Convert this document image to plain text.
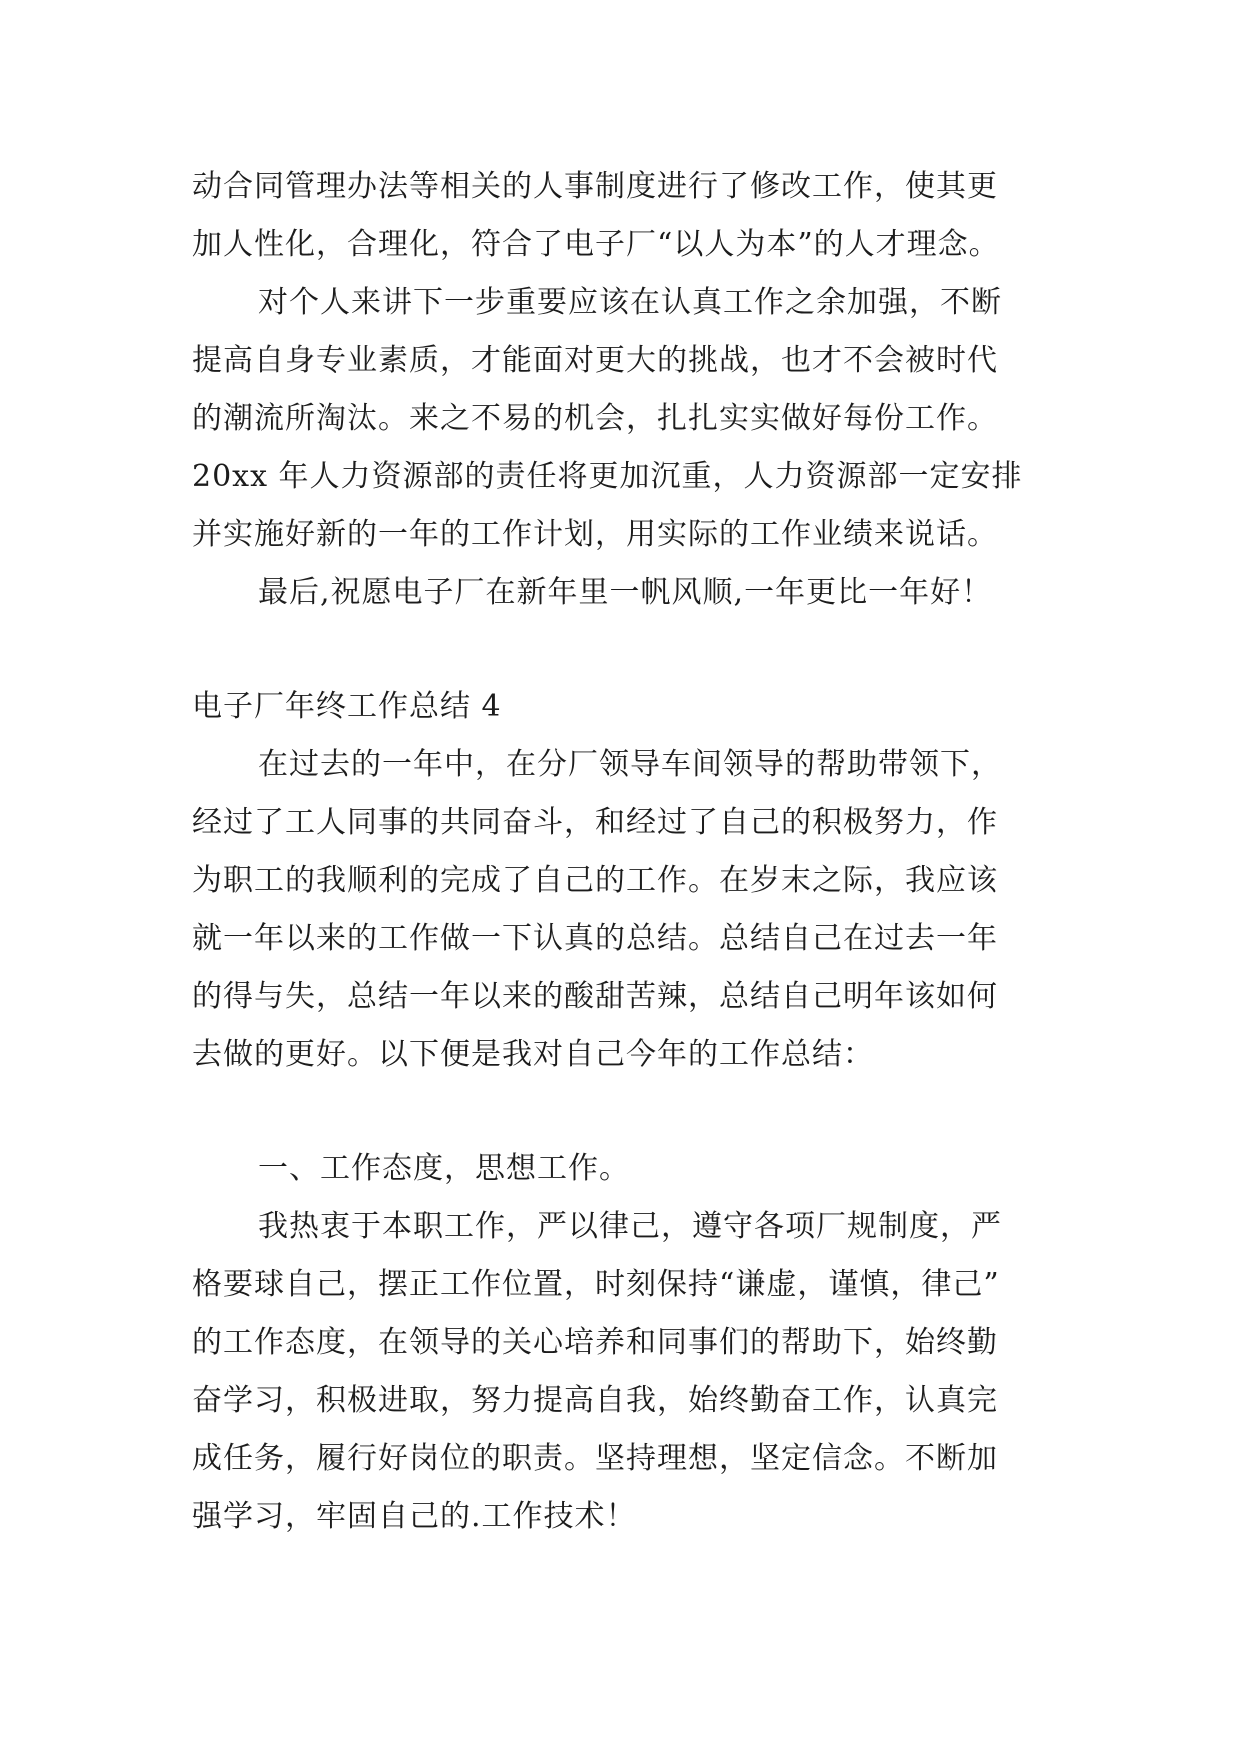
动合同管理办法等相关的人事制度进行了修改工作，使其更
加人性化，合理化，符合了电子厂“以人为本”的人才理念。
对个人来讲下一步重要应该在认真工作之余加强，不断
提高自身专业素质，才能面对更大的挑战，也才不会被时代
的潮流所淘汰。来之不易的机会，扎扎实实做好每份工作。
20xx 年人力资源部的责任将更加沉重，人力资源部一定安排
并实施好新的一年的工作计划，用实际的工作业绩来说话。
最后,祝愿电子厂在新年里一帆风顺,一年更比一年好！
电子厂年终工作总结 4
在过去的一年中，在分厂领导车间领导的帮助带领下，
经过了工人同事的共同奋斗，和经过了自己的积极努力，作
为职工的我顺利的完成了自己的工作。在岁末之际，我应该
就一年以来的工作做一下认真的总结。总结自己在过去一年
的得与失，总结一年以来的酸甜苦辣，总结自己明年该如何
去做的更好。以下便是我对自己今年的工作总结：
一、工作态度，思想工作。
我热衷于本职工作，严以律己，遵守各项厂规制度，严
格要球自己，摆正工作位置，时刻保持“谦虚，谨慎，律己”
的工作态度，在领导的关心培养和同事们的帮助下，始终勤
奋学习，积极进取，努力提高自我，始终勤奋工作，认真完
成任务，履行好岗位的职责。坚持理想，坚定信念。不断加
强学习，牢固自己的.工作技术！
